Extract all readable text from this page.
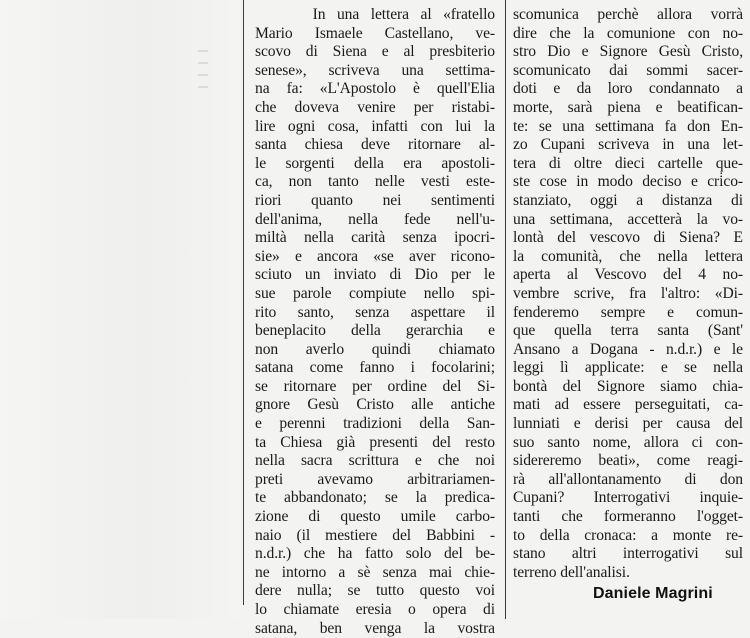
In una lettera al «fratello
Mario Ismaele Castellano, ve-
scovo di Siena e al presbiterio
senese», scriveva una settima-
na fa: «L'Apostolo è quell'Elia
che doveva venire per ristabi-
lire ogni cosa, infatti con lui la
santa chiesa deve ritornare al-
le sorgenti della era apostoli-
ca, non tanto nelle vesti este-
riori quanto nei sentimenti
dell'anima, nella fede nell'u-
miltà nella carità senza ipocri-
sie» e ancora «se aver ricono-
sciuto un inviato di Dio per le
sue parole compiute nello spi-
rito santo, senza aspettare il
beneplacito della gerarchia e
non averlo quindi chiamato
satana come fanno i focolarini;
se ritornare per ordine del Si-
gnore Gesù Cristo alle antiche
e perenni tradizioni della San-
ta Chiesa già presenti del resto
nella sacra scrittura e che noi
preti avevamo arbitrariamen-
te abbandonato; se la predica-
zione di questo umile carbo-
naio (il mestiere del Babbini -
n.d.r.) che ha fatto solo del be-
ne intorno a sè senza mai chie-
dere nulla; se tutto questo voi
lo chiamate eresia o opera di
satana, ben venga la vostra
scomunica perchè allora vorrà
dire che la comunione con no-
stro Dio e Signore Gesù Cristo,
scomunicato dai sommi sacer-
doti e da loro condannato a
morte, sarà piena e beatifican-
te: se una settimana fa don En-
zo Cupani scriveva in una let-
tera di oltre dieci cartelle que-
ste cose in modo deciso e cri̇co-
stanziato, oggi a distanza di
una settimana, accetterà la vo-
lontà del vescovo di Siena? E
la comunità, che nella lettera
aperta al Vescovo del 4 no-
vembre scrive, fra l'altro: «Di-
fenderemo sempre e comun-
que quella terra santa (Sant'
Ansano a Dogana - n.d.r.) e le
leggi lì applicate: e se nella
bontà del Signore siamo chia-
mati ad essere perseguitati, ca-
lunniati e derisi per causa del
suo santo nome, allora ci con-
sidereremo beati», come reagi-
rà all'allontanamento di don
Cupani? Interrogativi inquie-
tanti che formeranno l'ogget-
to della cronaca: a monte re-
stano altri interrogativi sul
terreno dell'analisi.
Daniele Magrini
